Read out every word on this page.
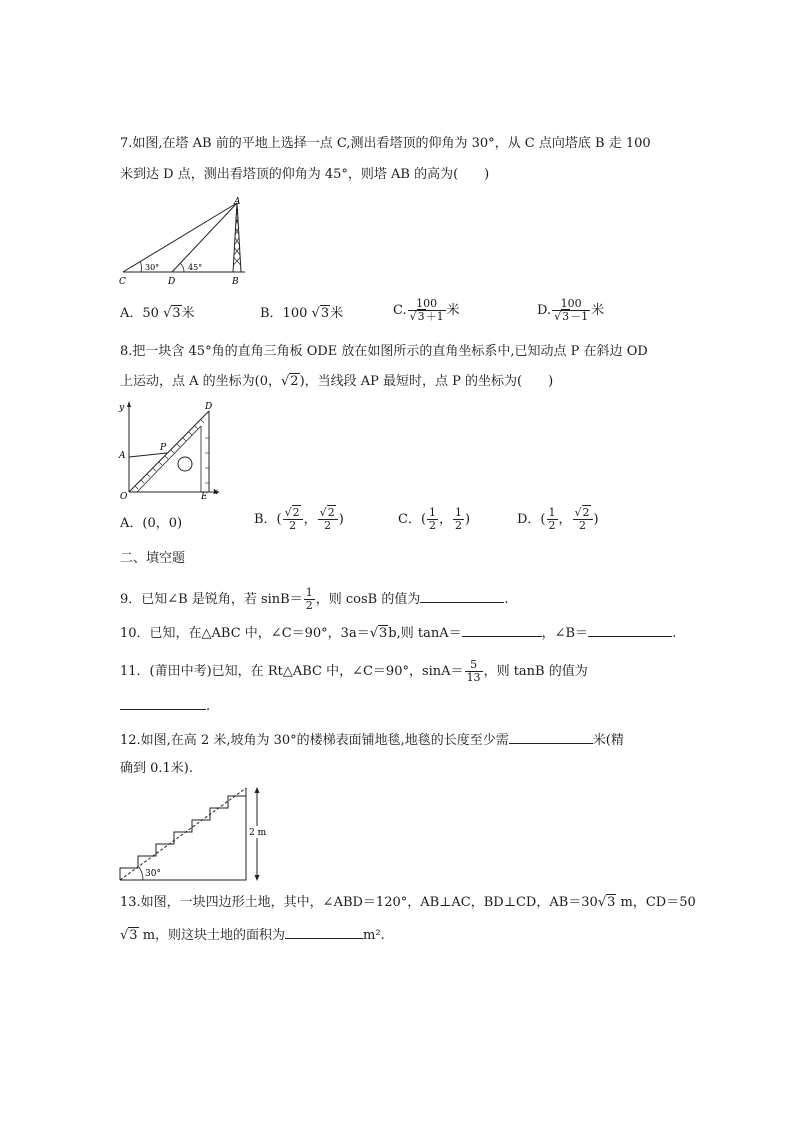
7.如图,在塔 AB 前的平地上选择一点 C,测出看塔顶的仰角为 30°，从 C 点向塔底 B 走 100
米到达 D 点，测出看塔顶的仰角为 45°，则塔 AB 的高为(　　)
A
B
C	D
30°	45°
A．50 √3米	B．100 √3米	C. $\frac{100}{√3+1}$ 米	D. $\frac{100}{√3-1}$ 米
8.把一块含 45°角的直角三角板 ODE 放在如图所示的直角坐标系中,已知动点 P 在斜边 OD
上运动，点 A 的坐标为(0，√2)，当线段 AP 最短时，点 P 的坐标为(　　)
y
x
A
P
O	E
D
A．(0，0)	B．( $\frac{√2}{2}$ ， $\frac{√2}{2}$ )	C．( $\frac{1}{2}$ ， $\frac{1}{2}$ )	D．( $\frac{1}{2}$ ， $\frac{√2}{2}$ )
二、填空题
9．已知∠B 是锐角，若 $\sin B= \frac{1}{2}$ ，则 cosB 的值为	.
10．已知，在△ABC 中，∠C＝90°，3a＝√3b,则 tanA＝	，∠B＝	.
11．(莆田中考)已知，在 Rt△ABC 中，∠C＝90°，$\sin A= \frac{5}{13}$ ，则 tanB 的值为
.
12.如图,在高 2 米,坡角为 30°的楼梯表面铺地毯,地毯的长度至少需	米(精
确到 0.1米).
2 m
30°
13.如图，一块四边形土地，其中，∠ABD＝120°，AB⊥AC，BD⊥CD，AB＝30√3 m，CD＝50
√3 m，则这块土地的面积为	m².
